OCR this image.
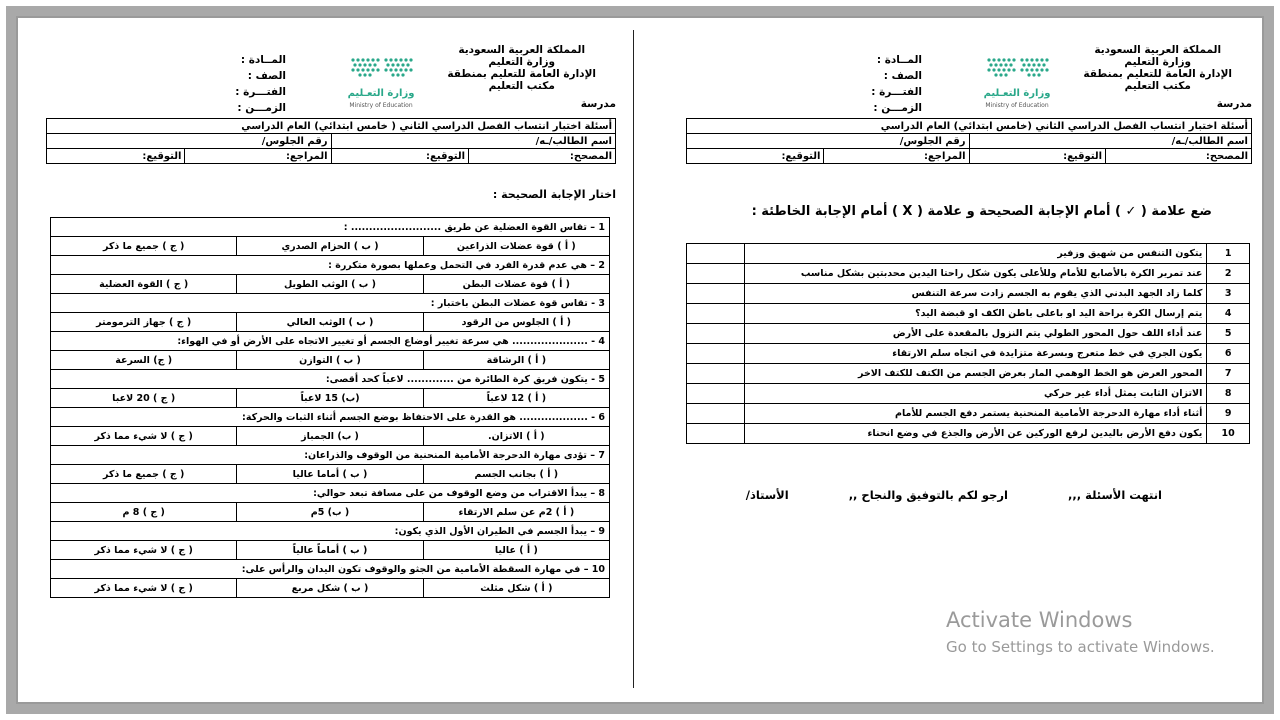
المملكة العربية السعودية
وزارة التعليم
الإدارة العامة للتعليم بمنطقة
مكتب التعليم
مدرسة
وزارة التعـليم
Ministry of Education
المــادة :
الصف :
الفتـــرة :
الزمـــن :
أسئلة اختبار انتساب الفصل الدراسي الثاني ( خامس ابتدائي) العام الدراسي			
اسم الطالب/ـه/		رقم الجلوس/	
المصحح:	التوقيع:	المراجع:	التوقيع:
اختار الإجابة الصحيحة :
1 – تقاس القوة العضلية عن طريق ......................... :		
( أ ) قوة عضلات الذراعين	( ب ) الحزام الصدري	( ج ) جميع ما ذكر
2 – هي عدم قدرة الفرد في التحمل وعملها بصورة متكررة :		
( أ ) قوة عضلات البطن	( ب ) الوثب الطويل	( ج ) القوة العضلية
3 - تقاس قوة عضلات البطن باختبار :		
( أ ) الجلوس من الرقود	( ب ) الوثب العالي	( ج ) جهاز الترمومتر
4 - ..................... هي سرعة تغيير أوضاع الجسم أو تغيير الاتجاه على الأرض أو في الهواء:		
( أ ) الرشاقة	( ب ) التوازن	( ج) السرعة
5 - يتكون فريق كرة الطائرة من ............. لاعباً كحد أقصى:		
( أ ) 12 لاعباً	(ب) 15 لاعباً	( ج ) 20 لاعبا
6 - ................... هو القدرة على الاحتفاظ بوضع الجسم أثناء الثبات والحركة:		
( أ ) الاتزان.	( ب) الجمباز	( ج ) لا شيء مما ذكر
7 – تؤدى مهارة الدحرجة الأمامية المنحنية من الوقوف والذراعان:		
( أ ) بجانب الجسم	( ب ) أماما عاليا	( ج ) جميع ما ذكر
8 – يبدأ الاقتراب من وضع الوقوف من على مسافة تبعد حوالي:		
( أ ) 2م عن سلم الارتقاء	( ب) 5م	( ج ) 8 م
9 – يبدأ الجسم في الطيران الأول الذي يكون:		
( أ ) عاليا	( ب ) أماماً عالياً	( ج ) لا شيء مما ذكر
10 – في مهارة السقطة الأمامية من الجثو والوقوف تكون اليدان والرأس على:		
( أ ) شكل مثلث	( ب ) شكل مربع	( ج ) لا شيء مما ذكر
المملكة العربية السعودية
وزارة التعليم
الإدارة العامة للتعليم بمنطقة
مكتب التعليم
مدرسة
وزارة التعـليم
Ministry of Education
المــادة :
الصف :
الفتـــرة :
الزمـــن :
أسئلة اختبار انتساب الفصل الدراسي الثاني (خامس ابتدائي) العام الدراسي			
اسم الطالب/ـه/		رقم الجلوس/	
المصحح:	التوقيع:	المراجع:	التوقيع:
ضع علامة ( ✓ ) أمام الإجابة الصحيحة و علامة ( X ) أمام الإجابة الخاطئة :
1	يتكون التنفس من شهيق وزفير	
2	عند تمرير الكرة بالأصابع للأمام وللأعلى يكون شكل راحتا اليدين محدبتين بشكل مناسب	
3	كلما زاد الجهد البدني الذي يقوم به الجسم زادت سرعة التنفس	
4	يتم إرسال الكرة براحة اليد او باعلى باطن الكف او قبضة اليد؟	
5	عند أداء اللف حول المحور الطولي يتم النزول بالمقعدة على الأرض	
6	يكون الجري في خط متعرج وبسرعة متزايدة في اتجاه سلم الارتقاء	
7	المحور العرض هو الخط الوهمي المار بعرض الجسم من الكتف للكتف الاخر	
8	الاتزان الثابت يمثل أداء غير حركي	
9	أثناء أداء مهارة الدحرجة الأمامية المنحنية يستمر دفع الجسم للأمام	
10	يكون دفع الأرض باليدين لرفع الوركين عن الأرض والجذع في وضع انحناء	
انتهت الأسئلة ,,,
ارجو لكم بالتوفيق والنجاح ,,
الأستاذ/
Activate Windows
Go to Settings to activate Windows.
